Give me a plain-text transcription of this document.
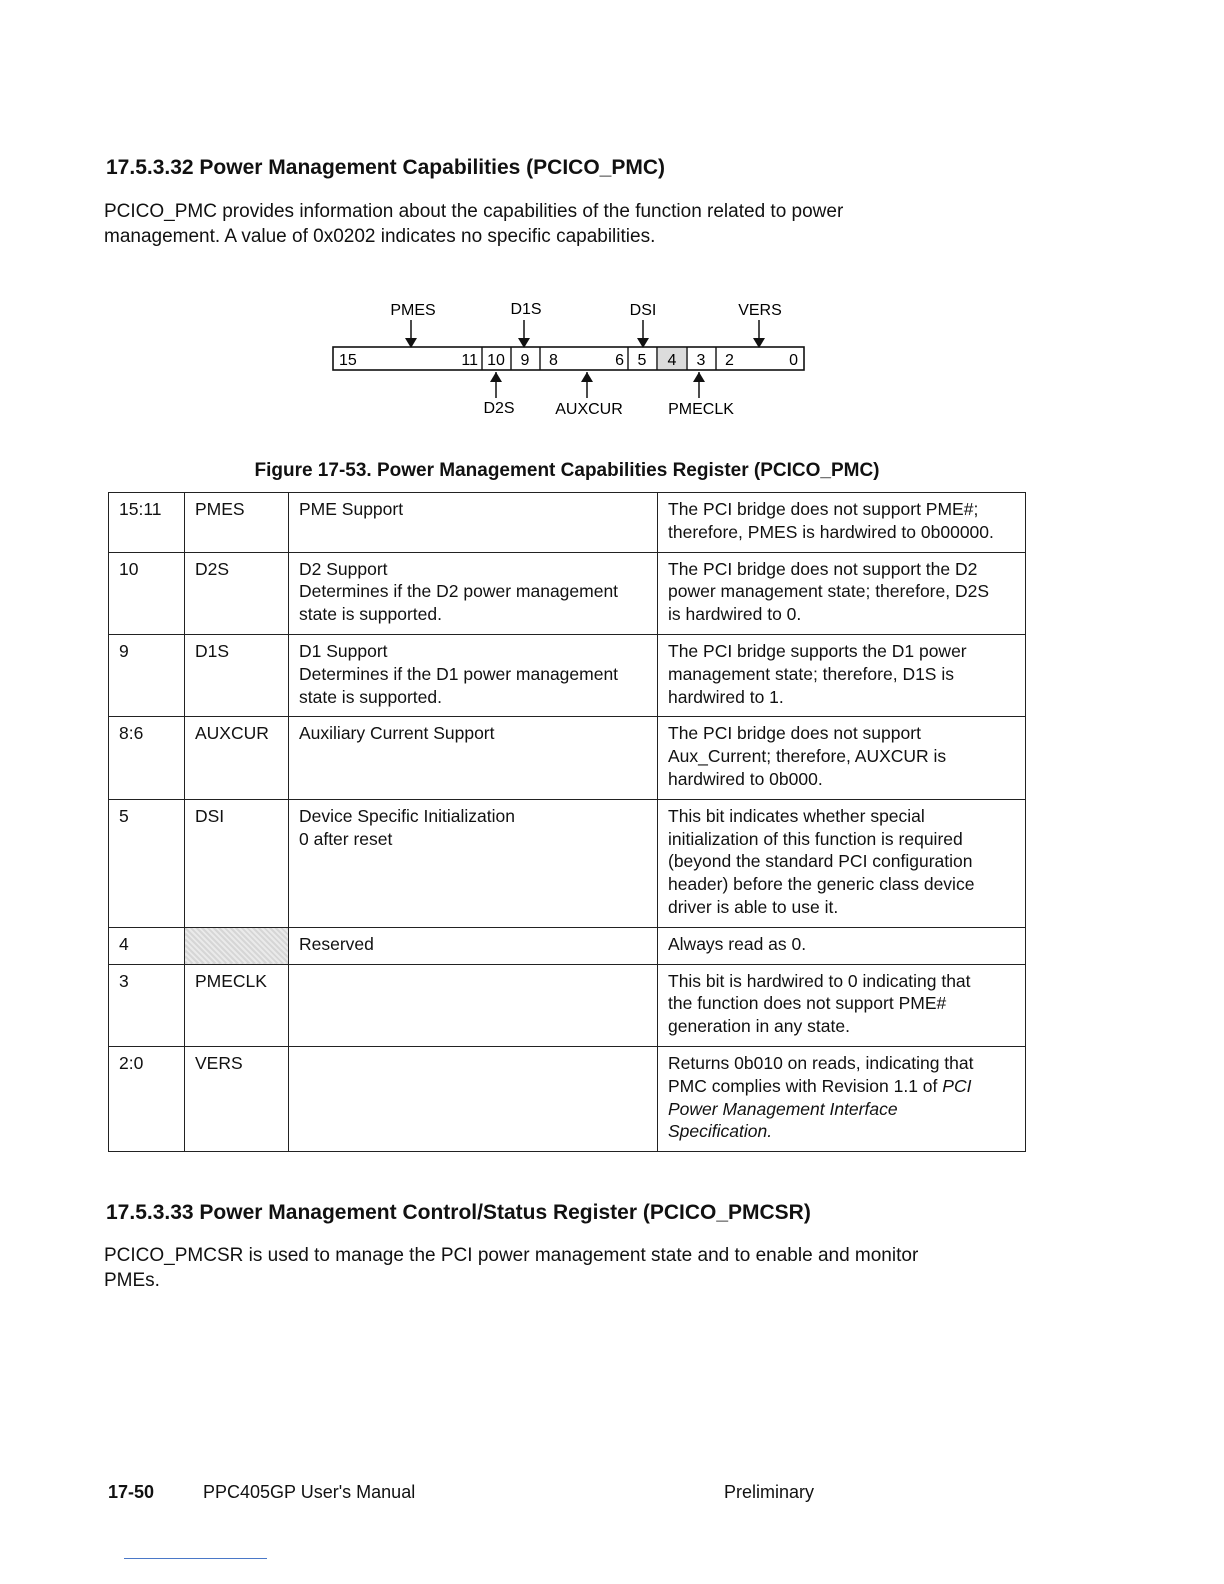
17.5.3.32 Power Management Capabilities (PCICO_PMC)

PCICO_PMC provides information about the capabilities of the function related to power
management. A value of 0x0202 indicates no specific capabilities.

PMES	D1S	DSI	VERS
15	11 10 9 8	6 5 4 3 2	0
D2S	AUXCUR	PMECLK
Figure 17-53. Power Management Capabilities Register (PCICO_PMC)
15:11	PMES	PME Support	The PCI bridge does not support PME#;
therefore, PMES is hardwired to 0b00000.

10	D2S	D2 Support
Determines if the D2 power management
state is supported.	The PCI bridge does not support the D2
power management state; therefore, D2S
is hardwired to 0.

9	D1S	D1 Support
Determines if the D1 power management
state is supported.	The PCI bridge supports the D1 power
management state; therefore, D1S is
hardwired to 1.

8:6	AUXCUR	Auxiliary Current Support	The PCI bridge does not support
Aux_Current; therefore, AUXCUR is
hardwired to 0b000.

5	DSI	Device Specific Initialization
0 after reset	This bit indicates whether special
initialization of this function is required
(beyond the standard PCI configuration
header) before the generic class device
driver is able to use it.

4		Reserved	Always read as 0.

3	PMECLK		This bit is hardwired to 0 indicating that
the function does not support PME#
generation in any state.

2:0	VERS		Returns 0b010 on reads, indicating that
PMC complies with Revision 1.1 of PCI
Power Management Interface
Specification.
17.5.3.33 Power Management Control/Status Register (PCICO_PMCSR)

PCICO_PMCSR is used to manage the PCI power management state and to enable and monitor
PMEs.

17-50	PPC405GP User's Manual	Preliminary
